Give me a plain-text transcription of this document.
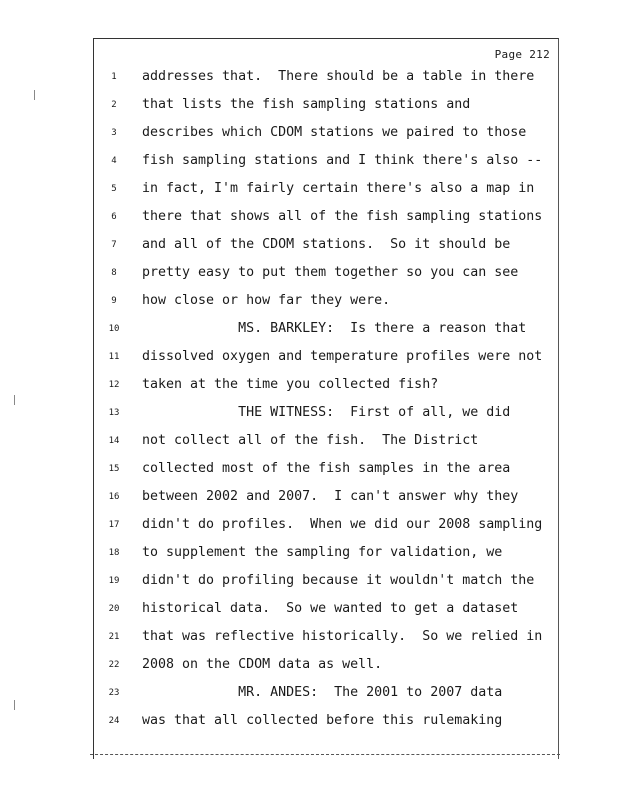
Page 212
1	addresses that.  There should be a table in there
2	that lists the fish sampling stations and
3	describes which CDOM stations we paired to those
4	fish sampling stations and I think there's also --
5	in fact, I'm fairly certain there's also a map in
6	there that shows all of the fish sampling stations
7	and all of the CDOM stations.  So it should be
8	pretty easy to put them together so you can see
9	how close or how far they were.
10	MS. BARKLEY:  Is there a reason that
11	dissolved oxygen and temperature profiles were not
12	taken at the time you collected fish?
13	THE WITNESS:  First of all, we did
14	not collect all of the fish.  The District
15	collected most of the fish samples in the area
16	between 2002 and 2007.  I can't answer why they
17	didn't do profiles.  When we did our 2008 sampling
18	to supplement the sampling for validation, we
19	didn't do profiling because it wouldn't match the
20	historical data.  So we wanted to get a dataset
21	that was reflective historically.  So we relied in
22	2008 on the CDOM data as well.
23	MR. ANDES:  The 2001 to 2007 data
24	was that all collected before this rulemaking
